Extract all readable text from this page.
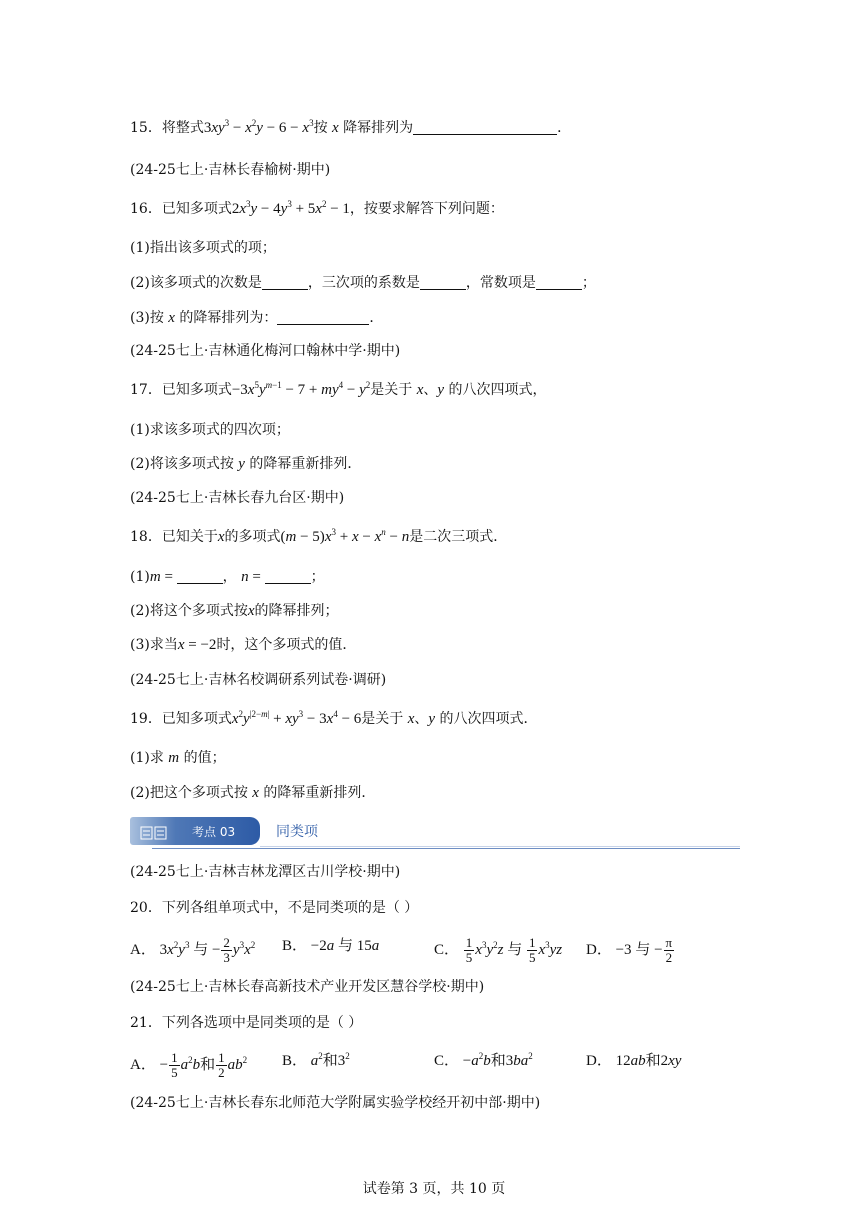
15．将整式$3xy^3 - x^2y - 6 - x^3$按 x 降幂排列为	．
(24-25七上·吉林长春榆树·期中)
16．已知多项式$2x^3y - 4y^3 + 5x^2 - 1$，按要求解答下列问题：
(1)指出该多项式的项；
(2)该多项式的次数是	，三次项的系数是	，常数项是	；
(3)按 x 的降幂排列为：	．
(24-25七上·吉林通化梅河口翰林中学·期中)
17．已知多项式$-3x^5y^{m-1} - 7 + my^4 - y^2$是关于 x、y 的八次四项式，
(1)求该多项式的四次项；
(2)将该多项式按 y 的降幂重新排列．
(24-25七上·吉林长春九台区·期中)
18．已知关于x的多项式$(m - 5)x^3 + x - x^n - n$是二次三项式．
(1)m =	， n =	；
(2)将这个多项式按x的降幂排列；
(3)求当x = −2时，这个多项式的值．
(24-25七上·吉林名校调研系列试卷·调研)
19．已知多项式$x^2y^{|2-m|} + xy^3 - 3x^4 - 6$是关于 x、y 的八次四项式．
(1)求 m 的值；
(2)把这个多项式按 x 的降幂重新排列．
考点 03	同类项
(24-25七上·吉林吉林龙潭区古川学校·期中)
20．下列各组单项式中，不是同类项的是（ ）
A． $3x^2y^3$ 与 − $\frac{2}{3} y^3x^2$ B． −2a 与 15a	C． $\frac{1}{5} x^3y^2z$ 与 $\frac{1}{5} x^3yz$ D． −3 与 − $\frac{\pi}{2}$
(24-25七上·吉林长春高新技术产业开发区慧谷学校·期中)
21．下列各选项中是同类项的是（ ）
A． − $\frac{1}{5} a^2b$和 $\frac{1}{2} ab^2$ B． $a^2$和$3^2$	C． $-a^2b$和$3ba^2$	D． 12ab和2xy
(24-25七上·吉林长春东北师范大学附属实验学校经开初中部·期中)
试卷第 3 页，共 10 页
